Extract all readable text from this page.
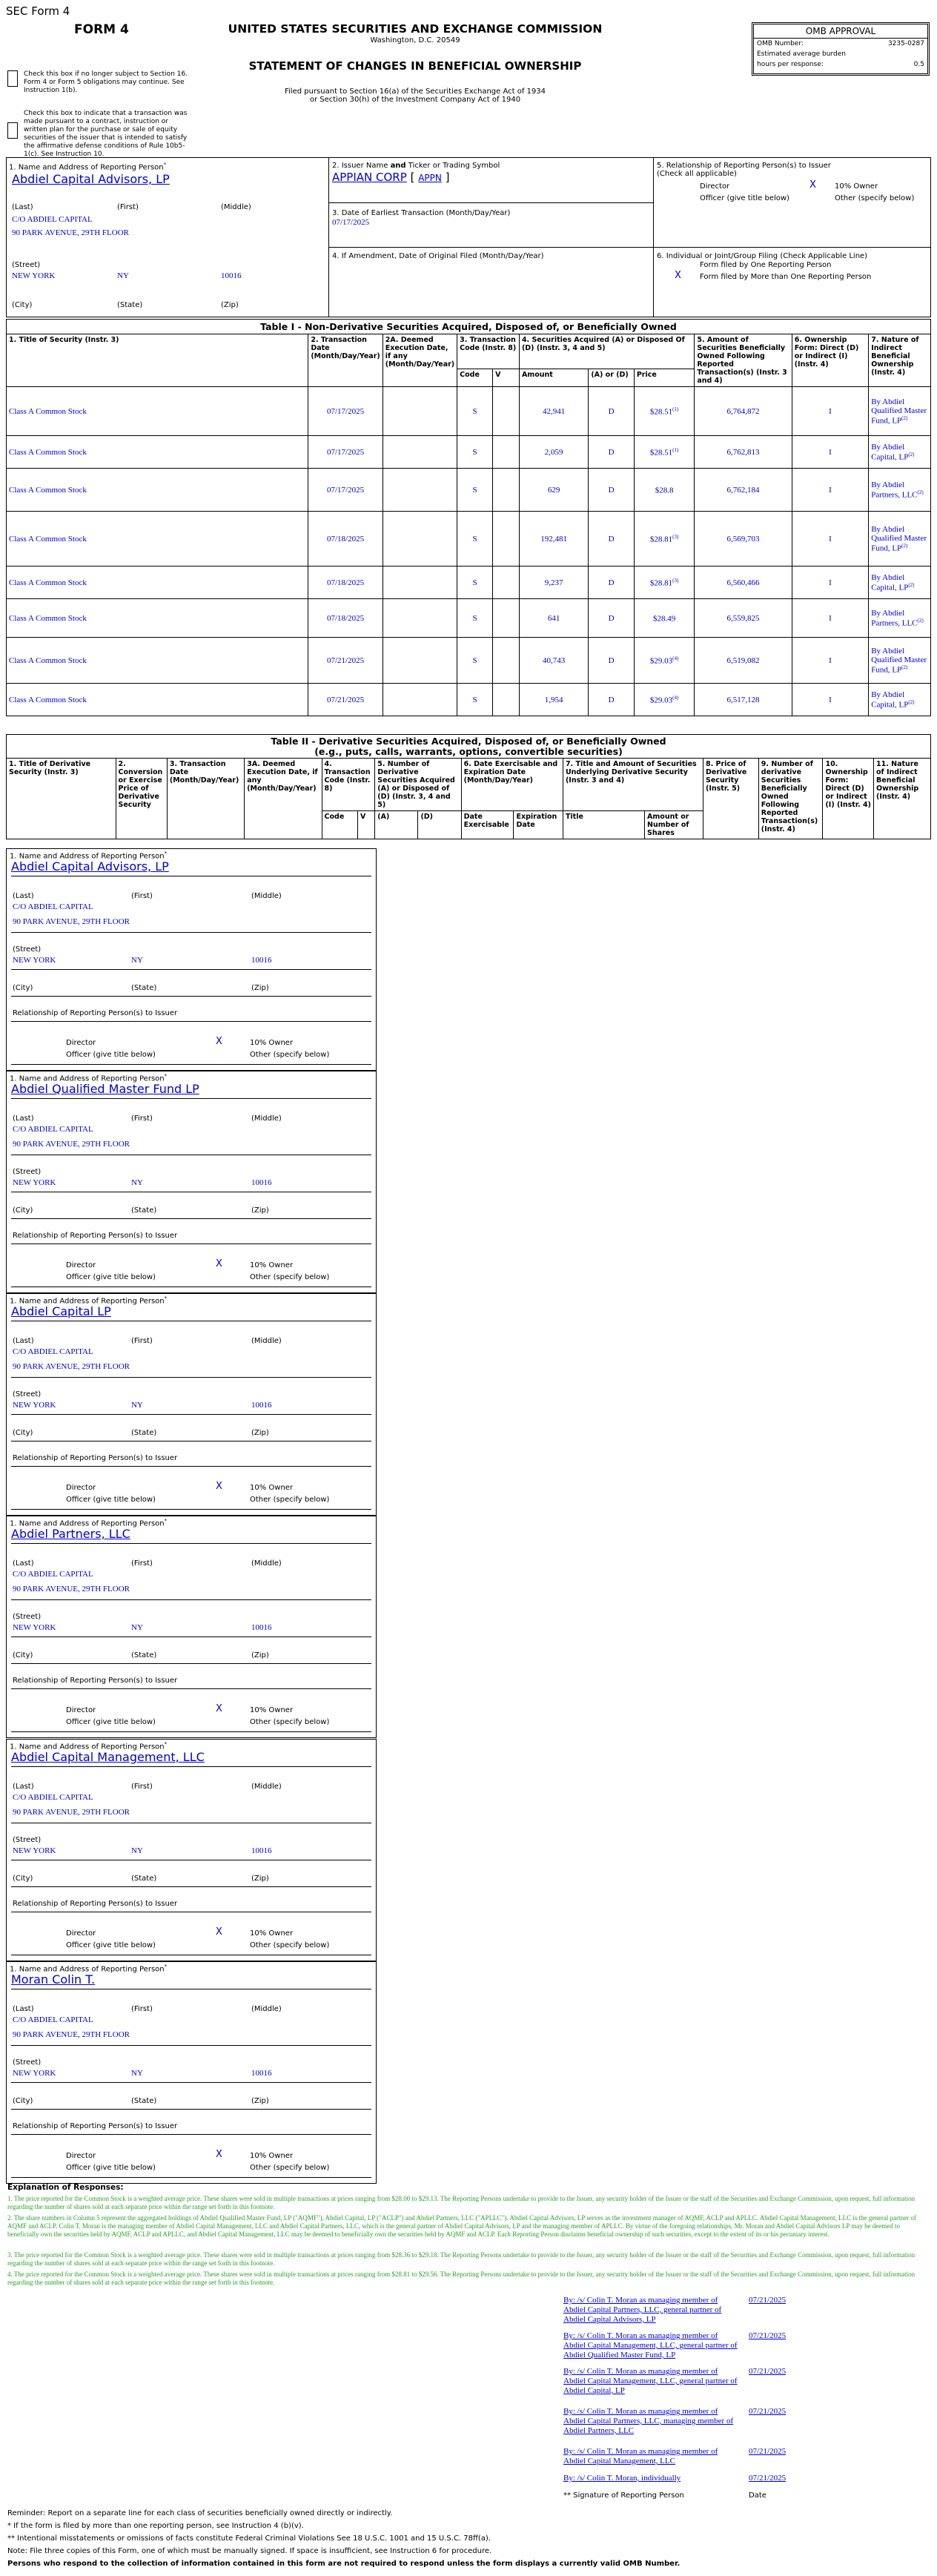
SEC Form 4
FORM 4
Check this box if no longer subject to Section 16. Form 4 or Form 5 obligations may continue. See Instruction 1(b).
Check this box to indicate that a transaction was made pursuant to a contract, instruction or written plan for the purchase or sale of equity securities of the issuer that is intended to satisfy the affirmative defense conditions of Rule 10b5-1(c). See Instruction 10.
UNITED STATES SECURITIES AND EXCHANGE COMMISSION
Washington, D.C. 20549
STATEMENT OF CHANGES IN BENEFICIAL OWNERSHIP
Filed pursuant to Section 16(a) of the Securities Exchange Act of 1934
or Section 30(h) of the Investment Company Act of 1940
OMB APPROVAL
OMB Number:	3235-0287
Estimated average burden
hours per response:	0.5
1. Name and Address of Reporting Person*
Abdiel Capital Advisors, LP
(Last)	(First)	(Middle)
C/O ABDIEL CAPITAL
90 PARK AVENUE, 29TH FLOOR
(Street)
NEW YORK	NY	10016
(City)	(State)	(Zip)
2. Issuer Name and Ticker or Trading Symbol
APPIAN CORP [ APPN ]
3. Date of Earliest Transaction (Month/Day/Year)
07/17/2025
4. If Amendment, Date of Original Filed (Month/Day/Year)
5. Relationship of Reporting Person(s) to Issuer
(Check all applicable)
Director	X	10% Owner
Officer (give title below)	Other (specify below)
6. Individual or Joint/Group Filing (Check Applicable Line)
Form filed by One Reporting Person
X	Form filed by More than One Reporting Person
Table I - Non-Derivative Securities Acquired, Disposed of, or Beneficially Owned
1. Title of Security (Instr. 3)	2. Transaction Date (Month/Day/Year)	2A. Deemed Execution Date, if any (Month/Day/Year)	3. Transaction Code (Instr. 8)		4. Securities Acquired (A) or Disposed Of (D) (Instr. 3, 4 and 5)			5. Amount of Securities Beneficially Owned Following Reported Transaction(s) (Instr. 3 and 4)	6. Ownership Form: Direct (D) or Indirect (I) (Instr. 4)	7. Nature of Indirect Beneficial Ownership (Instr. 4)
			Code	V	Amount	(A) or (D)	Price			
Class A Common Stock	07/17/2025		S		42,941	D	$28.51$^{(1)}$	6,764,872	I	By Abdiel Qualified Master Fund, LP$^{(2)}$
Class A Common Stock	07/17/2025		S		2,059	D	$28.51$^{(1)}$	6,762,813	I	By Abdiel Capital, LP$^{(2)}$
Class A Common Stock	07/17/2025		S		629	D	$28.8	6,762,184	I	By Abdiel Partners, LLC$^{(2)}$
Class A Common Stock	07/18/2025		S		192,481	D	$28.81$^{(3)}$	6,569,703	I	By Abdiel Qualified Master Fund, LP$^{(2)}$
Class A Common Stock	07/18/2025		S		9,237	D	$28.81$^{(3)}$	6,560,466	I	By Abdiel Capital, LP$^{(2)}$
Class A Common Stock	07/18/2025		S		641	D	$28.49	6,559,825	I	By Abdiel Partners, LLC$^{(2)}$
Class A Common Stock	07/21/2025		S		40,743	D	$29.03$^{(4)}$	6,519,082	I	By Abdiel Qualified Master Fund, LP$^{(2)}$
Class A Common Stock	07/21/2025		S		1,954	D	$29.03$^{(4)}$	6,517,128	I	By Abdiel Capital, LP$^{(2)}$
Table II - Derivative Securities Acquired, Disposed of, or Beneficially Owned
(e.g., puts, calls, warrants, options, convertible securities)
1. Title of Derivative Security (Instr. 3)	2. Conversion or Exercise Price of Derivative Security	3. Transaction Date (Month/Day/Year)	3A. Deemed Execution Date, if any (Month/Day/Year)	4. Transaction Code (Instr. 8)		5. Number of Derivative Securities Acquired (A) or Disposed of (D) (Instr. 3, 4 and 5)		6. Date Exercisable and Expiration Date (Month/Day/Year)		7. Title and Amount of Securities Underlying Derivative Security (Instr. 3 and 4)		8. Price of Derivative Security (Instr. 5)	9. Number of derivative Securities Beneficially Owned Following Reported Transaction(s) (Instr. 4)	10. Ownership Form: Direct (D) or Indirect (I) (Instr. 4)	11. Nature of Indirect Beneficial Ownership (Instr. 4)
				Code	V	(A)	(D)	Date Exercisable	Expiration Date	Title	Amount or Number of Shares				
1. Name and Address of Reporting Person*
Abdiel Capital Advisors, LP
(Last)	(First)	(Middle)
C/O ABDIEL CAPITAL
90 PARK AVENUE, 29TH FLOOR
(Street)
NEW YORK	NY	10016
(City)	(State)	(Zip)
Relationship of Reporting Person(s) to Issuer
Director	X	10% Owner
Officer (give title below)	Other (specify below)
1. Name and Address of Reporting Person*
Abdiel Qualified Master Fund LP
(Last)	(First)	(Middle)
C/O ABDIEL CAPITAL
90 PARK AVENUE, 29TH FLOOR
(Street)
NEW YORK	NY	10016
(City)	(State)	(Zip)
Relationship of Reporting Person(s) to Issuer
Director	X	10% Owner
Officer (give title below)	Other (specify below)
1. Name and Address of Reporting Person*
Abdiel Capital LP
(Last)	(First)	(Middle)
C/O ABDIEL CAPITAL
90 PARK AVENUE, 29TH FLOOR
(Street)
NEW YORK	NY	10016
(City)	(State)	(Zip)
Relationship of Reporting Person(s) to Issuer
Director	X	10% Owner
Officer (give title below)	Other (specify below)
1. Name and Address of Reporting Person*
Abdiel Partners, LLC
(Last)	(First)	(Middle)
C/O ABDIEL CAPITAL
90 PARK AVENUE, 29TH FLOOR
(Street)
NEW YORK	NY	10016
(City)	(State)	(Zip)
Relationship of Reporting Person(s) to Issuer
Director	X	10% Owner
Officer (give title below)	Other (specify below)
1. Name and Address of Reporting Person*
Abdiel Capital Management, LLC
(Last)	(First)	(Middle)
C/O ABDIEL CAPITAL
90 PARK AVENUE, 29TH FLOOR
(Street)
NEW YORK	NY	10016
(City)	(State)	(Zip)
Relationship of Reporting Person(s) to Issuer
Director	X	10% Owner
Officer (give title below)	Other (specify below)
1. Name and Address of Reporting Person*
Moran Colin T.
(Last)	(First)	(Middle)
C/O ABDIEL CAPITAL
90 PARK AVENUE, 29TH FLOOR
(Street)
NEW YORK	NY	10016
(City)	(State)	(Zip)
Relationship of Reporting Person(s) to Issuer
Director	X	10% Owner
Officer (give title below)	Other (specify below)
Explanation of Responses:
1. The price reported for the Common Stock is a weighted average price. These shares were sold in multiple transactions at prices ranging from $28.00 to $29.13. The Reporting Persons undertake to provide to the Issuer, any security holder of the Issuer or the staff of the Securities and Exchange Commission, upon request, full information regarding the number of shares sold at each separate price within the range set forth in this footnote.
2. The share numbers in Column 5 represent the aggregated holdings of Abdiel Qualified Master Fund, LP ("AQMF"), Abdiel Capital, LP ("ACLP") and Abdiel Partners, LLC ("APLLC"). Abdiel Capital Advisors, LP serves as the investment manager of AQMF, ACLP and APLLC. Abdiel Capital Management, LLC is the general partner of AQMF and ACLP. Colin T. Moran is the managing member of Abdiel Capital Management, LLC and Abdiel Capital Partners, LLC, which is the general partner of Abdiel Capital Advisors, LP and the managing member of APLLC. By virtue of the foregoing relationships, Mr. Moran and Abdiel Capital Advisors LP may be deemed to beneficially own the securities held by AQMF, ACLP and APLLC, and Abdiel Capital Management, LLC may be deemed to beneficially own the securities held by AQMF and ACLP. Each Reporting Person disclaims beneficial ownership of such securities, except to the extent of its or his pecuniary interest.
3. The price reported for the Common Stock is a weighted average price. These shares were sold in multiple transactions at prices ranging from $28.36 to $29.18. The Reporting Persons undertake to provide to the Issuer, any security holder of the Issuer or the staff of the Securities and Exchange Commission, upon request, full information regarding the number of shares sold at each separate price within the range set forth in this footnote.
4. The price reported for the Common Stock is a weighted average price. These shares were sold in multiple transactions at prices ranging from $28.81 to $29.56. The Reporting Persons undertake to provide to the Issuer, any security holder of the Issuer or the staff of the Securities and Exchange Commission, upon request, full information regarding the number of shares sold at each separate price within the range set forth in this footnote.
By: /s/ Colin T. Moran as managing member of Abdiel Capital Partners, LLC, general partner of Abdiel Capital Advisors, LP
07/21/2025
By: /s/ Colin T. Moran as managing member of Abdiel Capital Management, LLC, general partner of Abdiel Qualified Master Fund, LP
07/21/2025
By: /s/ Colin T. Moran as managing member of Abdiel Capital Management, LLC, general partner of Abdiel Capital, LP
07/21/2025
By: /s/ Colin T. Moran as managing member of Abdiel Capital Partners, LLC, managing member of Abdiel Partners, LLC
07/21/2025
By: /s/ Colin T. Moran as managing member of Abdiel Capital Management, LLC
07/21/2025
By: /s/ Colin T. Moran, individually	07/21/2025
** Signature of Reporting Person	Date
Reminder: Report on a separate line for each class of securities beneficially owned directly or indirectly.
* If the form is filed by more than one reporting person, see Instruction 4 (b)(v).
** Intentional misstatements or omissions of facts constitute Federal Criminal Violations See 18 U.S.C. 1001 and 15 U.S.C. 78ff(a).
Note: File three copies of this Form, one of which must be manually signed. If space is insufficient, see Instruction 6 for procedure.
Persons who respond to the collection of information contained in this form are not required to respond unless the form displays a currently valid OMB Number.
